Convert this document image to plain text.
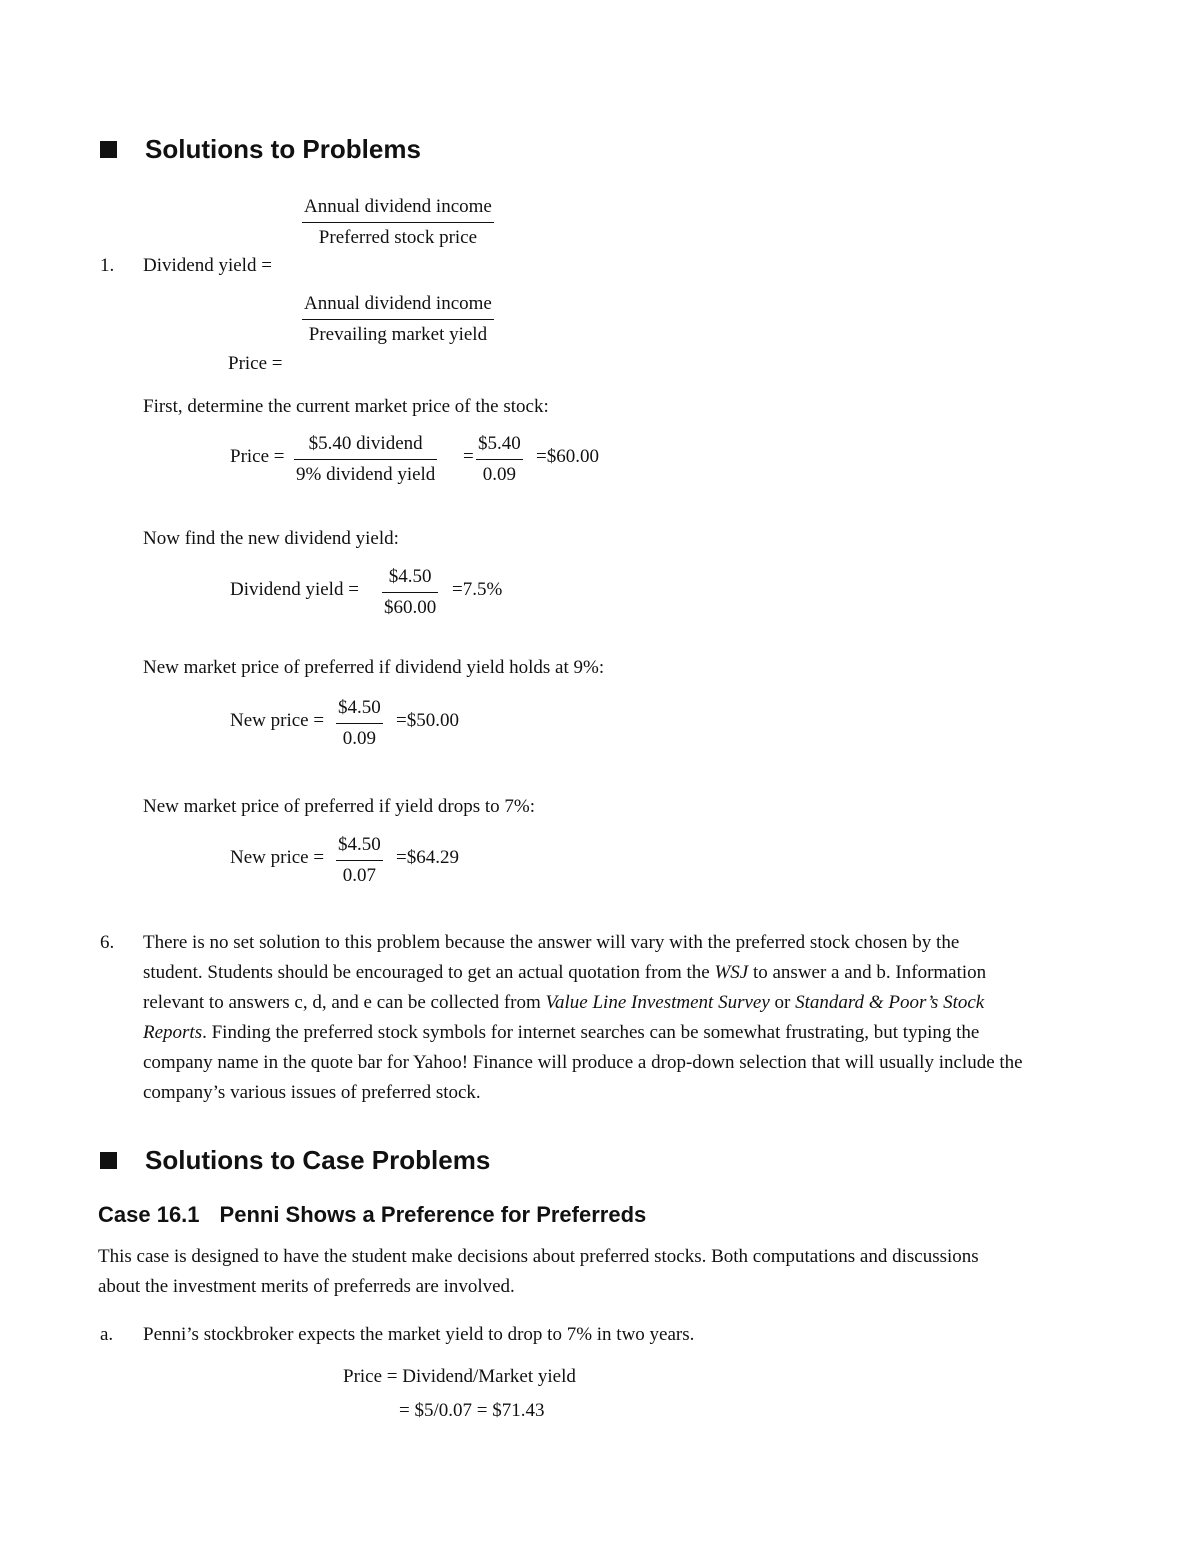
Solutions to Problems
Annual dividend income
Preferred stock price
1. Dividend yield =
Annual dividend income
Prevailing market yield
Price =
First, determine the current market price of the stock:
Price =
$5.40 dividend
9% dividend yield
= $\frac{\$5.40}{0.09}$ =$60.00
Now find the new dividend yield:
Dividend yield = $\frac{\$4.50}{\$60.00} =7.5\%$
New market price of preferred if dividend yield holds at 9%:
New price = $\frac{\$4.50}{0.09}$ =$50.00
New market price of preferred if yield drops to 7%:
New price = $\frac{\$4.50}{0.07}$ =$64.29
6. There is no set solution to this problem because the answer will vary with the preferred stock chosen by the student. Students should be encouraged to get an actual quotation from the WSJ to answer a and b. Information relevant to answers c, d, and e can be collected from Value Line Investment Survey or Standard & Poor’s Stock Reports. Finding the preferred stock symbols for internet searches can be somewhat frustrating, but typing the company name in the quote bar for Yahoo! Finance will produce a drop-down selection that will usually include the company’s various issues of preferred stock.
Solutions to Case Problems
Case 16.1 Penni Shows a Preference for Preferreds
This case is designed to have the student make decisions about preferred stocks. Both computations and discussions about the investment merits of preferreds are involved.
a. Penni’s stockbroker expects the market yield to drop to 7% in two years.
Price = Dividend/Market yield
= $5/0.07 = $71.43
